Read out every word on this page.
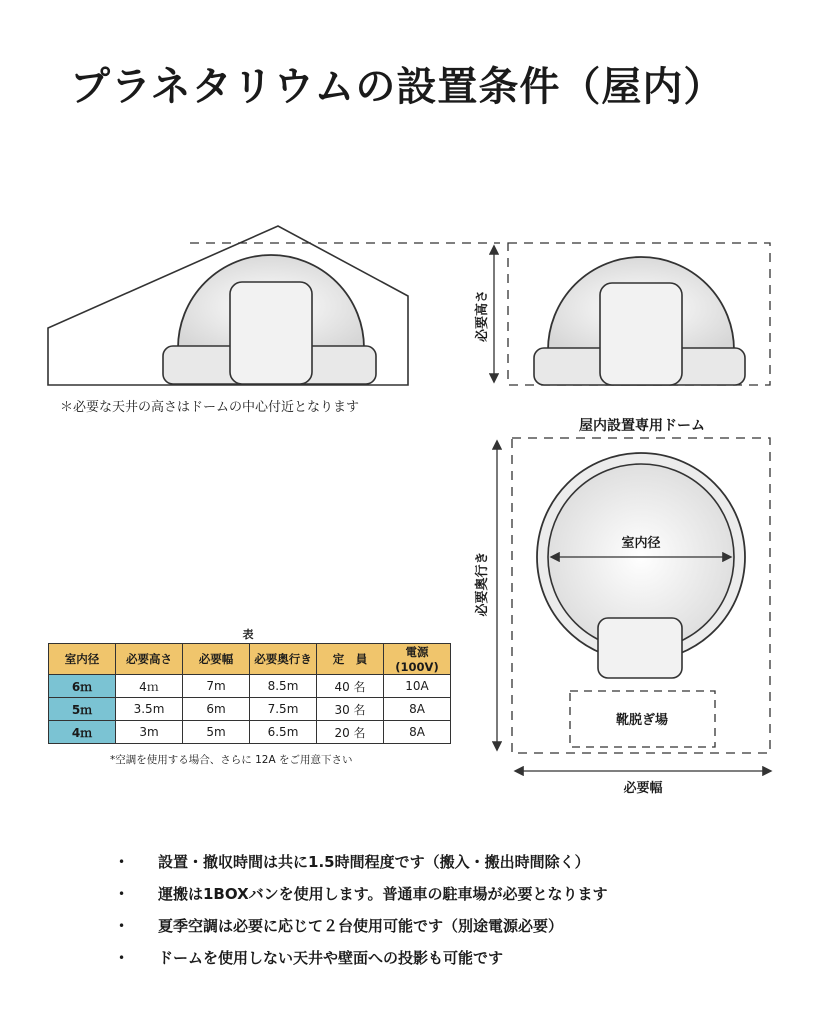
プラネタリウムの設置条件（屋内）
必要高さ
屋内設置専用ドーム
必要奥行き
室内径
靴脱ぎ場
必要幅
＊必要な天井の高さはドームの中心付近となります
表
室内径	必要高さ	必要幅	必要奥行き	定　員	電源 (100V)
6ｍ	4ｍ	7m	8.5m	40 名	10A
5ｍ	3.5m	6m	7.5m	30 名	8A
4ｍ	3m	5m	6.5m	20 名	8A
*空調を使用する場合、さらに 12A をご用意下さい
• 設置・撤収時間は共に1.5時間程度です（搬入・搬出時間除く）
• 運搬は1BOXバンを使用します。普通車の駐車場が必要となります
• 夏季空調は必要に応じて２台使用可能です（別途電源必要）
• ドームを使用しない天井や壁面への投影も可能です
